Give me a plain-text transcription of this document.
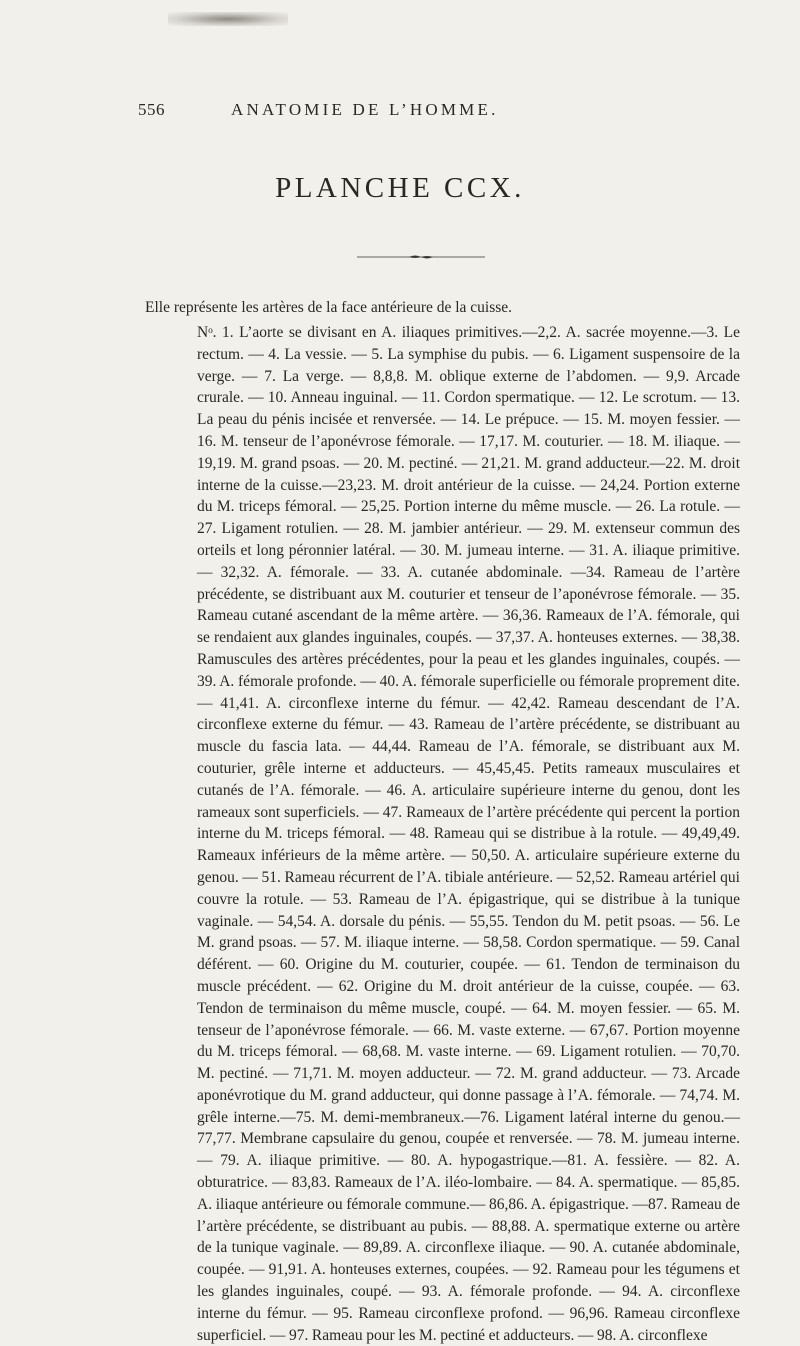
556	ANATOMIE DE L’HOMME.
PLANCHE CCX.
Elle représente les artères de la face antérieure de la cuisse.
Nᵒ. 1. L’aorte se divisant en A. iliaques primitives.—2,2. A. sacrée moyenne.—3. Le rectum. — 4. La vessie. — 5. La symphise du pubis. — 6. Ligament suspensoire de la verge. — 7. La verge. — 8,8,8. M. oblique externe de l’abdomen. — 9,9. Arcade crurale. — 10. Anneau inguinal. — 11. Cordon spermatique. — 12. Le scrotum. — 13. La peau du pénis incisée et renversée. — 14. Le prépuce. — 15. M. moyen fessier. — 16. M. tenseur de l’aponévrose fémorale. — 17,17. M. couturier. — 18. M. iliaque. — 19,19. M. grand psoas. — 20. M. pectiné. — 21,21. M. grand adducteur.—22. M. droit interne de la cuisse.—23,23. M. droit antérieur de la cuisse. — 24,24. Portion externe du M. triceps fémoral. — 25,25. Portion interne du même muscle. — 26. La rotule. — 27. Ligament rotulien. — 28. M. jambier antérieur. — 29. M. extenseur commun des orteils et long péronnier latéral. — 30. M. jumeau interne. — 31. A. iliaque primitive. — 32,32. A. fémorale. — 33. A. cutanée abdominale. —34. Rameau de l’artère précédente, se distribuant aux M. couturier et tenseur de l’aponévrose fémorale. — 35. Rameau cutané ascendant de la même artère. — 36,36. Rameaux de l’A. fémorale, qui se rendaient aux glandes inguinales, coupés. — 37,37. A. honteuses externes. — 38,38. Ramuscules des artères précédentes, pour la peau et les glandes inguinales, coupés. — 39. A. fémorale profonde. — 40. A. fémorale superficielle ou fémorale proprement dite. — 41,41. A. circonflexe interne du fémur. — 42,42. Rameau descendant de l’A. circonflexe externe du fémur. — 43. Rameau de l’artère précédente, se distribuant au muscle du fascia lata. — 44,44. Rameau de l’A. fémorale, se distribuant aux M. couturier, grêle interne et adducteurs. — 45,45,45. Petits rameaux musculaires et cutanés de l’A. fémorale. — 46. A. articulaire supérieure interne du genou, dont les rameaux sont superficiels. — 47. Rameaux de l’artère précédente qui percent la portion interne du M. triceps fémoral. — 48. Rameau qui se distribue à la rotule. — 49,49,49. Rameaux inférieurs de la même artère. — 50,50. A. articulaire supérieure externe du genou. — 51. Rameau récurrent de l’A. tibiale antérieure. — 52,52. Rameau artériel qui couvre la rotule. — 53. Rameau de l’A. épigastrique, qui se distribue à la tunique vaginale. — 54,54. A. dorsale du pénis. — 55,55. Tendon du M. petit psoas. — 56. Le M. grand psoas. — 57. M. iliaque interne. — 58,58. Cordon spermatique. — 59. Canal déférent. — 60. Origine du M. couturier, coupée. — 61. Tendon de terminaison du muscle précédent. — 62. Origine du M. droit antérieur de la cuisse, coupée. — 63. Tendon de terminaison du même muscle, coupé. — 64. M. moyen fessier. — 65. M. tenseur de l’aponévrose fémorale. — 66. M. vaste externe. — 67,67. Portion moyenne du M. triceps fémoral. — 68,68. M. vaste interne. — 69. Ligament rotulien. — 70,70. M. pectiné. — 71,71. M. moyen adducteur. — 72. M. grand adducteur. — 73. Arcade aponévrotique du M. grand adducteur, qui donne passage à l’A. fémorale. — 74,74. M. grêle interne.—75. M. demi-membraneux.—76. Ligament latéral interne du genou.—77,77. Membrane capsulaire du genou, coupée et renversée. — 78. M. jumeau interne. — 79. A. iliaque primitive. — 80. A. hypogastrique.—81. A. fessière. — 82. A. obturatrice. — 83,83. Rameaux de l’A. iléo-lombaire. — 84. A. spermatique. — 85,85. A. iliaque antérieure ou fémorale commune.— 86,86. A. épigastrique. —87. Rameau de l’artère précédente, se distribuant au pubis. — 88,88. A. spermatique externe ou artère de la tunique vaginale. — 89,89. A. circonflexe iliaque. — 90. A. cutanée abdominale, coupée. — 91,91. A. honteuses externes, coupées. — 92. Rameau pour les tégumens et les glandes inguinales, coupé. — 93. A. fémorale profonde. — 94. A. circonflexe interne du fémur. — 95. Rameau circonflexe profond. — 96,96. Rameau circonflexe superficiel. — 97. Rameau pour les M. pectiné et adducteurs. — 98. A. circonflexe
